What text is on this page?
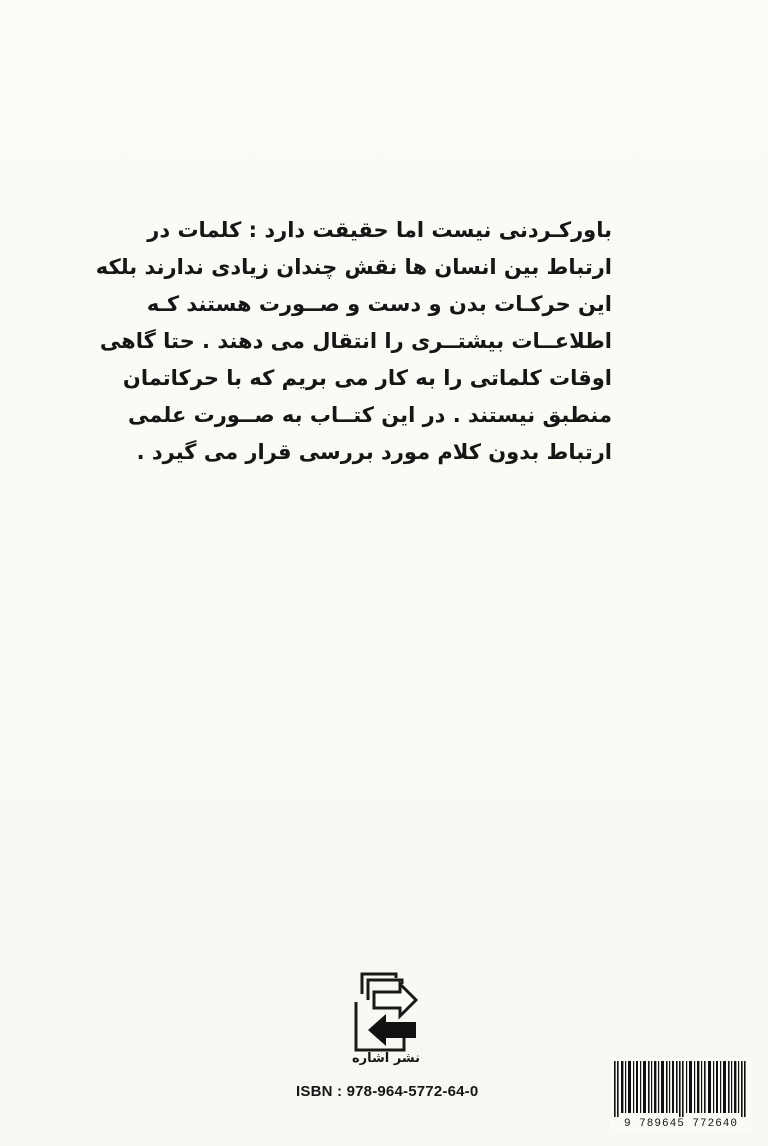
باورکـردنی نیست اما حقیقت دارد : کلمات در
ارتباط بین انسان ها نقش چندان زیادی ندارند بلکه
این حرکـات بدن و دست و صــورت هستند کـه
اطلاعــات بیشتــری را انتقال می دهند . حتا گاهی
اوقات کلماتی را به کار می بریم که با حرکاتمان
منطبق نیستند . در این کتــاب به صــورت علمی
ارتباط بدون کلام مورد بررسی قرار می گیرد .
نشر اشاره
ISBN : 978-964-5772-64-0
9 789645 772640
